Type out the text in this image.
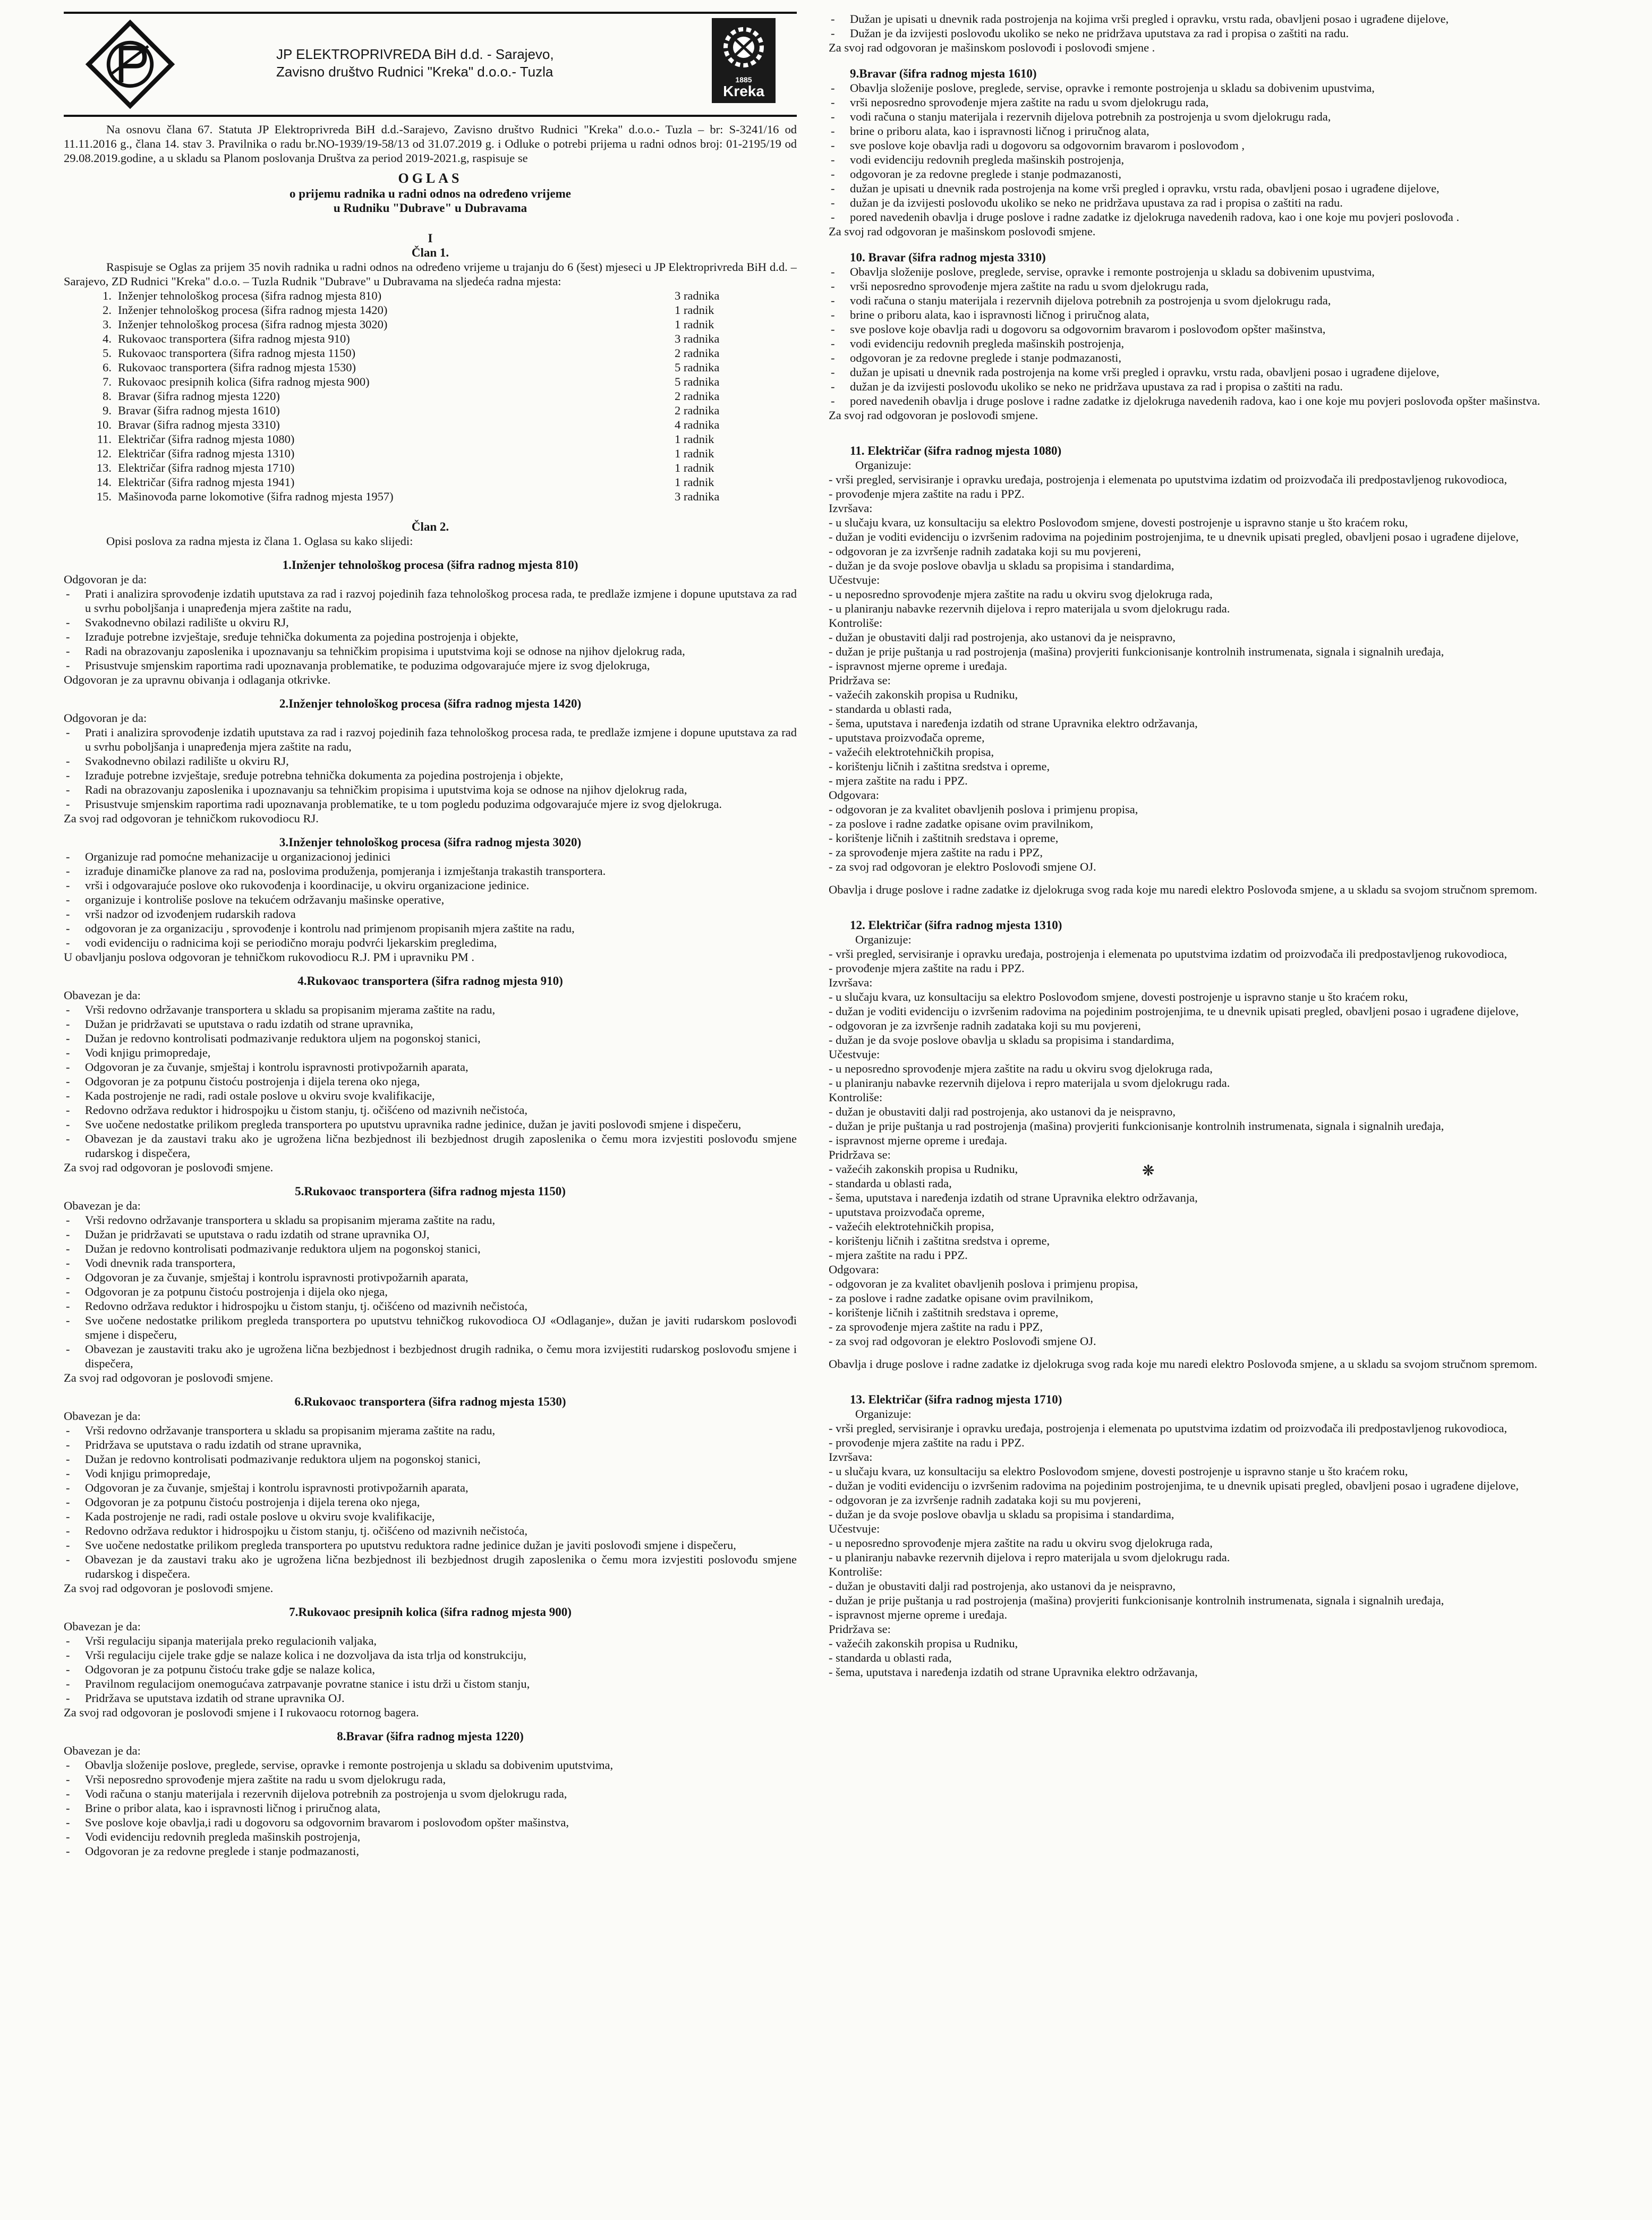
JP ELEKTROPRIVREDA BiH d.d. - Sarajevo,
Zavisno društvo Rudnici "Kreka" d.o.o.- Tuzla	1885
Kreka

Na osnovu člana 67. Statuta JP Elektroprivreda BiH d.d.-Sarajevo, Zavisno društvo Rudnici "Kreka" d.o.o.- Tuzla – br: S-3241/16 od 11.11.2016 g., člana 14. stav 3. Pravilnika o radu br.NO-1939/19-58/13 od 31.07.2019 g. i Odluke o potrebi prijema u radni odnos broj: 01-2195/19 od 29.08.2019.godine, a u skladu sa Planom poslovanja Društva za period 2019-2021.g, raspisuje se

OGLAS
o prijemu radnika u radni odnos na određeno vrijeme
u Rudniku "Dubrave" u Dubravama
I
Član 1.

Raspisuje se Oglas za prijem 35 novih radnika u radni odnos na određeno vrijeme u trajanju do 6 (šest) mjeseci u JP Elektroprivreda BiH d.d. – Sarajevo, ZD Rudnici "Kreka" d.o.o. – Tuzla Rudnik "Dubrave" u Dubravama na sljedeća radna mjesta:

1. Inženjer tehnološkog procesa (šifra radnog mjesta 810)	3 radnika
2. Inženjer tehnološkog procesa (šifra radnog mjesta 1420)	1 radnik
3. Inženjer tehnološkog procesa (šifra radnog mjesta 3020)	1 radnik
4. Rukovaoc transportera (šifra radnog mjesta 910)	3 radnika
5. Rukovaoc transportera (šifra radnog mjesta 1150)	2 radnika
6. Rukovaoc transportera (šifra radnog mjesta 1530)	5 radnika
7. Rukovaoc presipnih kolica (šifra radnog mjesta 900)	5 radnika
8. Bravar (šifra radnog mjesta 1220)	2 radnika
9. Bravar (šifra radnog mjesta 1610)	2 radnika
10. Bravar (šifra radnog mjesta 3310)	4 radnika
11. Električar (šifra radnog mjesta 1080)	1 radnik
12. Električar (šifra radnog mjesta 1310)	1 radnik
13. Električar (šifra radnog mjesta 1710)	1 radnik
14. Električar (šifra radnog mjesta 1941)	1 radnik
15. Mašinovođa parne lokomotive (šifra radnog mjesta 1957)	3 radnika
Član 2.

Opisi poslova za radna mjesta iz člana 1. Oglasa su kako slijedi:

1.Inženjer tehnološkog procesa (šifra radnog mjesta 810)
Odgovoran je da:
- Prati i analizira sprovođenje izdatih uputstava za rad i razvoj pojedinih faza tehnološkog procesa rada, te predlaže izmjene i dopune uputstava za rad u svrhu poboljšanja i unapređenja mjera zaštite na radu,
- Svakodnevno obilazi radilište u okviru RJ,
- Izrađuje potrebne izvještaje, sređuje tehnička dokumenta za pojedina postrojenja i objekte,
- Radi na obrazovanju zaposlenika i upoznavanju sa tehničkim propisima i uputstvima koji se odnose na njihov djelokrug rada,
- Prisustvuje smjenskim raportima radi upoznavanja problematike, te poduzima odgovarajuće mjere iz svog djelokruga,
Odgovoran je za upravnu obivanja i odlaganja otkrivke.
2.Inženjer tehnološkog procesa (šifra radnog mjesta 1420)
Odgovoran je da:
- Prati i analizira sprovođenje izdatih uputstava za rad i razvoj pojedinih faza tehnološkog procesa rada, te predlaže izmjene i dopune uputstava za rad u svrhu poboljšanja i unapređenja mjera zaštite na radu,
- Svakodnevno obilazi radilište u okviru RJ,
- Izrađuje potrebne izvještaje, sređuje potrebna tehnička dokumenta za pojedina postrojenja i objekte,
- Radi na obrazovanju zaposlenika i upoznavanju sa tehničkim propisima i uputstvima koja se odnose na njihov djelokrug rada,
- Prisustvuje smjenskim raportima radi upoznavanja problematike, te u tom pogledu poduzima odgovarajuće mjere iz svog djelokruga.
Za svoj rad odgovoran je tehničkom rukovodiocu RJ.
3.Inženjer tehnološkog procesa (šifra radnog mjesta 3020)
- Organizuje rad pomoćne mehanizacije u organizacionoj jedinici
- izrađuje dinamičke planove za rad na, poslovima produženja, pomjeranja i izmještanja trakastih transportera.
- vrši i odgovarajuće poslove oko rukovođenja i koordinacije, u okviru organizacione jedinice.
- organizuje i kontroliše poslove na tekućem održavanju mašinske operative,
- vrši nadzor od izvođenjem rudarskih radova
- odgovoran je za organizaciju , sprovođenje i kontrolu nad primjenom propisanih mjera zaštite na radu,
- vodi evidenciju o radnicima koji se periodično moraju podvrći ljekarskim pregledima,
U obavljanju poslova odgovoran je tehničkom rukovodiocu R.J. PM i upravniku PM .
4.Rukovaoc transportera (šifra radnog mjesta 910)
Obavezan je da:
- Vrši redovno održavanje transportera u skladu sa propisanim mjerama zaštite na radu,
- Dužan je pridržavati se uputstava o radu izdatih od strane upravnika,
- Dužan je redovno kontrolisati podmazivanje reduktora uljem na pogonskoj stanici,
- Vodi knjigu primopredaje,
- Odgovoran je za čuvanje, smještaj i kontrolu ispravnosti protivpožarnih aparata,
- Odgovoran je za potpunu čistoću postrojenja i dijela terena oko njega,
- Kada postrojenje ne radi, radi ostale poslove u okviru svoje kvalifikacije,
- Redovno održava reduktor i hidrospojku u čistom stanju, tj. očišćeno od mazivnih nečistoća,
- Sve uočene nedostatke prilikom pregleda transportera po uputstvu upravnika radne jedinice, dužan je javiti poslovođi smjene i dispečeru,
- Obavezan je da zaustavi traku ako je ugrožena lična bezbjednost ili bezbjednost drugih zaposlenika o čemu mora izvjestiti poslovođu smjene rudarskog i dispečera,
Za svoj rad odgovoran je poslovođi smjene.
5.Rukovaoc transportera (šifra radnog mjesta 1150)
Obavezan je da:
- Vrši redovno održavanje transportera u skladu sa propisanim mjerama zaštite na radu,
- Dužan je pridržavati se uputstava o radu izdatih od strane upravnika OJ,
- Dužan je redovno kontrolisati podmazivanje reduktora uljem na pogonskoj stanici,
- Vodi dnevnik rada transportera,
- Odgovoran je za čuvanje, smještaj i kontrolu ispravnosti protivpožarnih aparata,
- Odgovoran je za potpunu čistoću postrojenja i dijela oko njega,
- Redovno održava reduktor i hidrospojku u čistom stanju, tj. očišćeno od mazivnih nečistoća,
- Sve uočene nedostatke prilikom pregleda transportera po uputstvu tehničkog rukovodioca OJ «Odlaganje», dužan je javiti rudarskom poslovođi smjene i dispečeru,
- Obavezan je zaustaviti traku ako je ugrožena lična bezbjednost i bezbjednost drugih radnika, o čemu mora izvijestiti rudarskog poslovođu smjene i dispečera,
Za svoj rad odgovoran je poslovođi smjene.
6.Rukovaoc transportera (šifra radnog mjesta 1530)
Obavezan je da:
- Vrši redovno održavanje transportera u skladu sa propisanim mjerama zaštite na radu,
- Pridržava se uputstava o radu izdatih od strane upravnika,
- Dužan je redovno kontrolisati podmazivanje reduktora uljem na pogonskoj stanici,
- Vodi knjigu primopredaje,
- Odgovoran je za čuvanje, smještaj i kontrolu ispravnosti protivpožarnih aparata,
- Odgovoran je za potpunu čistoću postrojenja i dijela terena oko njega,
- Kada postrojenje ne radi, radi ostale poslove u okviru svoje kvalifikacije,
- Redovno održava reduktor i hidrospojku u čistom stanju, tj. očišćeno od mazivnih nečistoća,
- Sve uočene nedostatke prilikom pregleda transportera po uputstvu reduktora radne jedinice dužan je javiti poslovođi smjene i dispečeru,
- Obavezan je da zaustavi traku ako je ugrožena lična bezbjednost ili bezbjednost drugih zaposlenika o čemu mora izvjestiti poslovođu smjene rudarskog i dispečera.
Za svoj rad odgovoran je poslovođi smjene.
7.Rukovaoc presipnih kolica (šifra radnog mjesta 900)
Obavezan je da:
- Vrši regulaciju sipanja materijala preko regulacionih valjaka,
- Vrši regulaciju cijele trake gdje se nalaze kolica i ne dozvoljava da ista trlja od konstrukciju,
- Odgovoran je za potpunu čistoću trake gdje se nalaze kolica,
- Pravilnom regulacijom onemogućava zatrpavanje povratne stanice i istu drži u čistom stanju,
- Pridržava se uputstava izdatih od strane upravnika OJ.
Za svoj rad odgovoran je poslovođi smjene i I rukovaocu rotornog bagera.
8.Bravar (šifra radnog mjesta 1220)
Obavezan je da:
- Obavlja složenije poslove, preglede, servise, opravke i remonte postrojenja u skladu sa dobivenim uputstvima,
- Vrši neposredno sprovođenje mjera zaštite na radu u svom djelokrugu rada,
- Vodi računa o stanju materijala i rezervnih dijelova potrebnih za postrojenja u svom djelokrugu rada,
- Brine o pribor alata, kao i ispravnosti ličnog i priručnog alata,
- Sve poslove koje obavlja,i radi u dogovoru sa odgovornim bravarom i poslovođom opštег mašinstva,
- Vodi evidenciju redovnih pregleda mašinskih postrojenja,
- Odgovoran je za redovne preglede i stanje podmazanosti,
- Dužan je upisati u dnevnik rada postrojenja na kojima vrši pregled i opravku, vrstu rada, obavljeni posao i ugrađene dijelove,
- Dužan je da izvijesti poslovođu ukoliko se neko ne pridržava uputstava za rad i propisa o zaštiti na radu.
Za svoj rad odgovoran je mašinskom poslovođi i poslovođi smjene .
9.Bravar (šifra radnog mjesta 1610)
- Obavlja složenije poslove, preglede, servise, opravke i remonte postrojenja u skladu sa dobivenim upustvima,
- vrši neposredno sprovođenje mjera zaštite na radu u svom djelokrugu rada,
- vodi računa o stanju materijala i rezervnih dijelova potrebnih za postrojenja u svom djelokrugu rada,
- brine o priboru alata, kao i ispravnosti ličnog i priručnog alata,
- sve poslove koje obavlja radi u dogovoru sa odgovornim bravarom i poslovođom ,
- vodi evidenciju redovnih pregleda mašinskih postrojenja,
- odgovoran je za redovne preglede i stanje podmazanosti,
- dužan je upisati u dnevnik rada postrojenja na kome vrši pregled i opravku, vrstu rada, obavljeni posao i ugrađene dijelove,
- dužan je da izvijesti poslovođu ukoliko se neko ne pridržava upustava za rad i propisa o zaštiti na radu.
- pored navedenih obavlja i druge poslove i radne zadatke iz djelokruga navedenih radova, kao i one koje mu povjeri poslovođa .
Za svoj rad odgovoran je mašinskom poslovođi smjene.
10. Bravar (šifra radnog mjesta 3310)
- Obavlja složenije poslove, preglede, servise, opravke i remonte postrojenja u skladu sa dobivenim upustvima,
- vrši neposredno sprovođenje mjera zaštite na radu u svom djelokrugu rada,
- vodi računa o stanju materijala i rezervnih dijelova potrebnih za postrojenja u svom djelokrugu rada,
- brine o priboru alata, kao i ispravnosti ličnog i priručnog alata,
- sve poslove koje obavlja radi u dogovoru sa odgovornim bravarom i poslovođom opštег mašinstva,
- vodi evidenciju redovnih pregleda mašinskih postrojenja,
- odgovoran je za redovne preglede i stanje podmazanosti,
- dužan je upisati u dnevnik rada postrojenja na kome vrši pregled i opravku, vrstu rada, obavljeni posao i ugrađene dijelove,
- dužan je da izvijesti poslovođu ukoliko se neko ne pridržava upustava za rad i propisa o zaštiti na radu.
- pored navedenih obavlja i druge poslove i radne zadatke iz djelokruga navedenih radova, kao i one koje mu povjeri poslovođa opštег mašinstva.
Za svoj rad odgovoran je poslovođi smjene.
11. Električar (šifra radnog mjesta 1080)
Organizuje:
- vrši pregled, servisiranje i opravku uređaja, postrojenja i elemenata po uputstvima izdatim od proizvođača ili predpostavljenog rukovodioca,
- provođenje mjera zaštite na radu i PPZ.
Izvršava:
- u slučaju kvara, uz konsultaciju sa elektro Poslovođom smjene, dovesti postrojenje u ispravno stanje u što kraćem roku,
- dužan je voditi evidenciju o izvršenim radovima na pojedinim postrojenjima, te u dnevnik upisati pregled, obavljeni posao i ugrađene dijelove,
- odgovoran je za izvršenje radnih zadataka koji su mu povjereni,
- dužan je da svoje poslove obavlja u skladu sa propisima i standardima,
Učestvuje:
- u neposredno sprovođenje mjera zaštite na radu u okviru svog djelokruga rada,
- u planiranju nabavke rezervnih dijelova i repro materijala u svom djelokrugu rada.
Kontroliše:
- dužan je obustaviti dalji rad postrojenja, ako ustanovi da je neispravno,
- dužan je prije puštanja u rad postrojenja (mašina) provjeriti funkcionisanje kontrolnih instrumenata, signala i signalnih uređaja,
- ispravnost mjerne opreme i uređaja.
Pridržava se:
- važećih zakonskih propisa u Rudniku,
- standarda u oblasti rada,
- šema, uputstava i naređenja izdatih od strane Upravnika elektro održavanja,
- uputstava proizvođača opreme,
- važećih elektrotehničkih propisa,
- korištenju ličnih i zaštitna sredstva i opreme,
- mjera zaštite na radu i PPZ.
Odgovara:
- odgovoran je za kvalitet obavljenih poslova i primjenu propisa,
- za poslove i radne zadatke opisane ovim pravilnikom,
- korištenje ličnih i zaštitnih sredstava i opreme,
- za sprovođenje mjera zaštite na radu i PPZ,
- za svoj rad odgovoran je elektro Poslovođi smjene OJ.
Obavlja i druge poslove i radne zadatke iz djelokruga svog rada koje mu naredi elektro Poslovođa smjene, a u skladu sa svojom stručnom spremom.
12. Električar (šifra radnog mjesta 1310)
Organizuje:
- vrši pregled, servisiranje i opravku uređaja, postrojenja i elemenata po uputstvima izdatim od proizvođača ili predpostavljenog rukovodioca,
- provođenje mjera zaštite na radu i PPZ.
Izvršava:
- u slučaju kvara, uz konsultaciju sa elektro Poslovođom smjene, dovesti postrojenje u ispravno stanje u što kraćem roku,
- dužan je voditi evidenciju o izvršenim radovima na pojedinim postrojenjima, te u dnevnik upisati pregled, obavljeni posao i ugrađene dijelove,
- odgovoran je za izvršenje radnih zadataka koji su mu povjereni,
- dužan je da svoje poslove obavlja u skladu sa propisima i standardima,
Učestvuje:
- u neposredno sprovođenje mjera zaštite na radu u okviru svog djelokruga rada,
- u planiranju nabavke rezervnih dijelova i repro materijala u svom djelokrugu rada.
Kontroliše:
- dužan je obustaviti dalji rad postrojenja, ako ustanovi da je neispravno,
- dužan je prije puštanja u rad postrojenja (mašina) provjeriti funkcionisanje kontrolnih instrumenata, signala i signalnih uređaja,
- ispravnost mjerne opreme i uređaja.
Pridržava se:
- važećih zakonskih propisa u Rudniku,
- standarda u oblasti rada,
- šema, uputstava i naređenja izdatih od strane Upravnika elektro održavanja,
- uputstava proizvođača opreme,
- važećih elektrotehničkih propisa,
- korištenju ličnih i zaštitna sredstva i opreme,
- mjera zaštite na radu i PPZ.
Odgovara:
- odgovoran je za kvalitet obavljenih poslova i primjenu propisa,
- za poslove i radne zadatke opisane ovim pravilnikom,
- korištenje ličnih i zaštitnih sredstava i opreme,
- za sprovođenje mjera zaštite na radu i PPZ,
- za svoj rad odgovoran je elektro Poslovođi smjene OJ.
Obavlja i druge poslove i radne zadatke iz djelokruga svog rada koje mu naredi elektro Poslovođa smjene, a u skladu sa svojom stručnom spremom.
13. Električar (šifra radnog mjesta 1710)
Organizuje:
- vrši pregled, servisiranje i opravku uređaja, postrojenja i elemenata po uputstvima izdatim od proizvođača ili predpostavljenog rukovodioca,
- provođenje mjera zaštite na radu i PPZ.
Izvršava:
- u slučaju kvara, uz konsultaciju sa elektro Poslovođom smjene, dovesti postrojenje u ispravno stanje u što kraćem roku,
- dužan je voditi evidenciju o izvršenim radovima na pojedinim postrojenjima, te u dnevnik upisati pregled, obavljeni posao i ugrađene dijelove,
- odgovoran je za izvršenje radnih zadataka koji su mu povjereni,
- dužan je da svoje poslove obavlja u skladu sa propisima i standardima,
Učestvuje:
- u neposredno sprovođenje mjera zaštite na radu u okviru svog djelokruga rada,
- u planiranju nabavke rezervnih dijelova i repro materijala u svom djelokrugu rada.
Kontroliše:
- dužan je obustaviti dalji rad postrojenja, ako ustanovi da je neispravno,
- dužan je prije puštanja u rad postrojenja (mašina) provjeriti funkcionisanje kontrolnih instrumenata, signala i signalnih uređaja,
- ispravnost mjerne opreme i uređaja.
Pridržava se:
- važećih zakonskih propisa u Rudniku,
- standarda u oblasti rada,
- šema, uputstava i naređenja izdatih od strane Upravnika elektro održavanja,
❋
